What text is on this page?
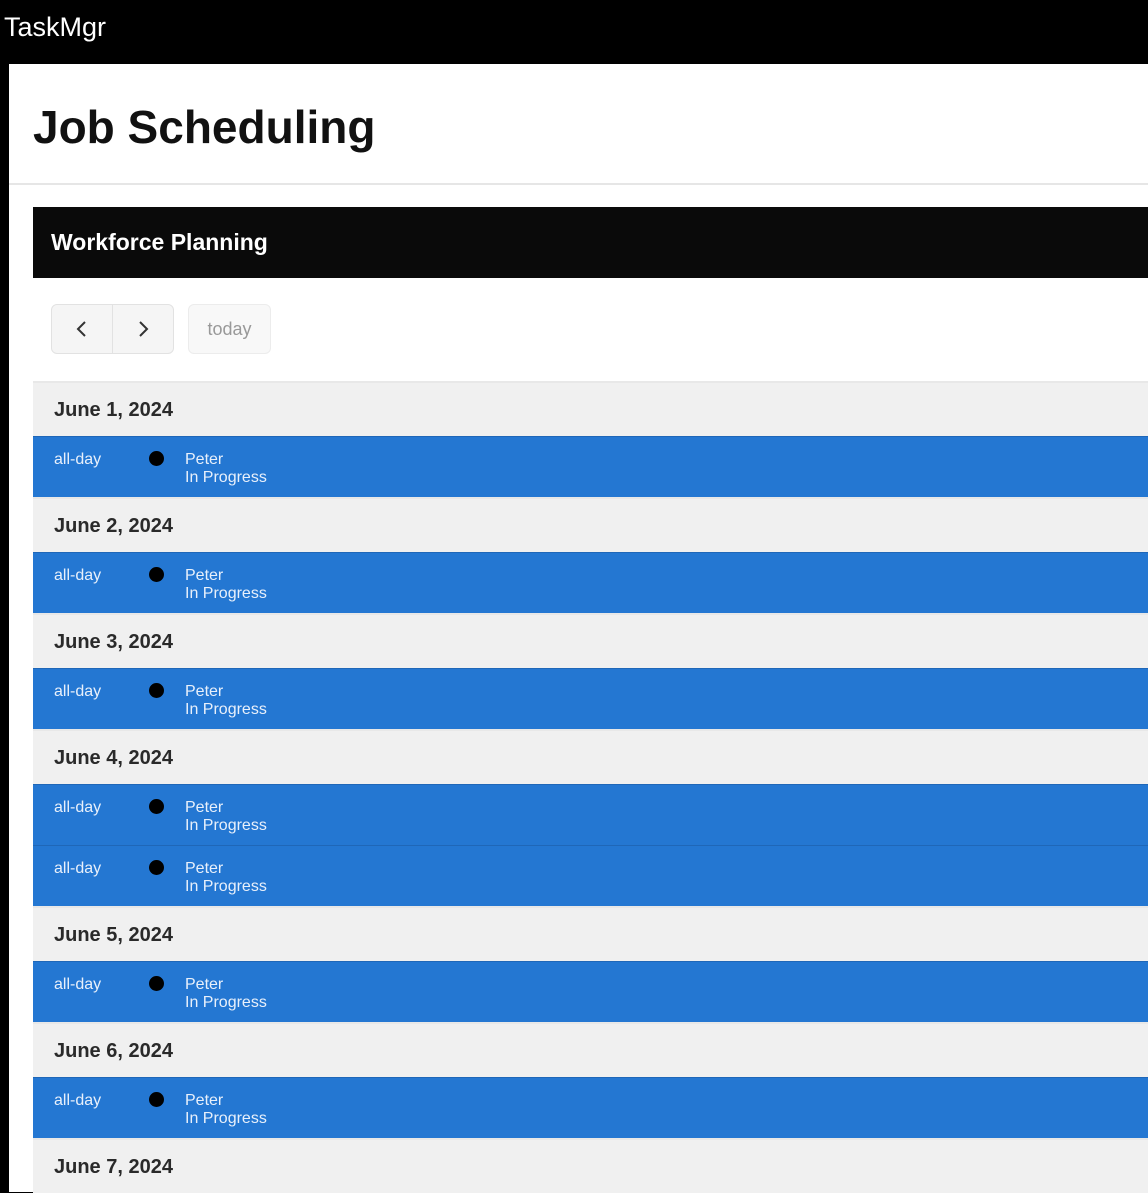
TaskMgr
Job Scheduling
Workforce Planning
today
June 1, 2024
all-day	Peter
In Progress
June 2, 2024
all-day	Peter
In Progress
June 3, 2024
all-day	Peter
In Progress
June 4, 2024
all-day	Peter
In Progress
all-day	Peter
In Progress
June 5, 2024
all-day	Peter
In Progress
June 6, 2024
all-day	Peter
In Progress
June 7, 2024
